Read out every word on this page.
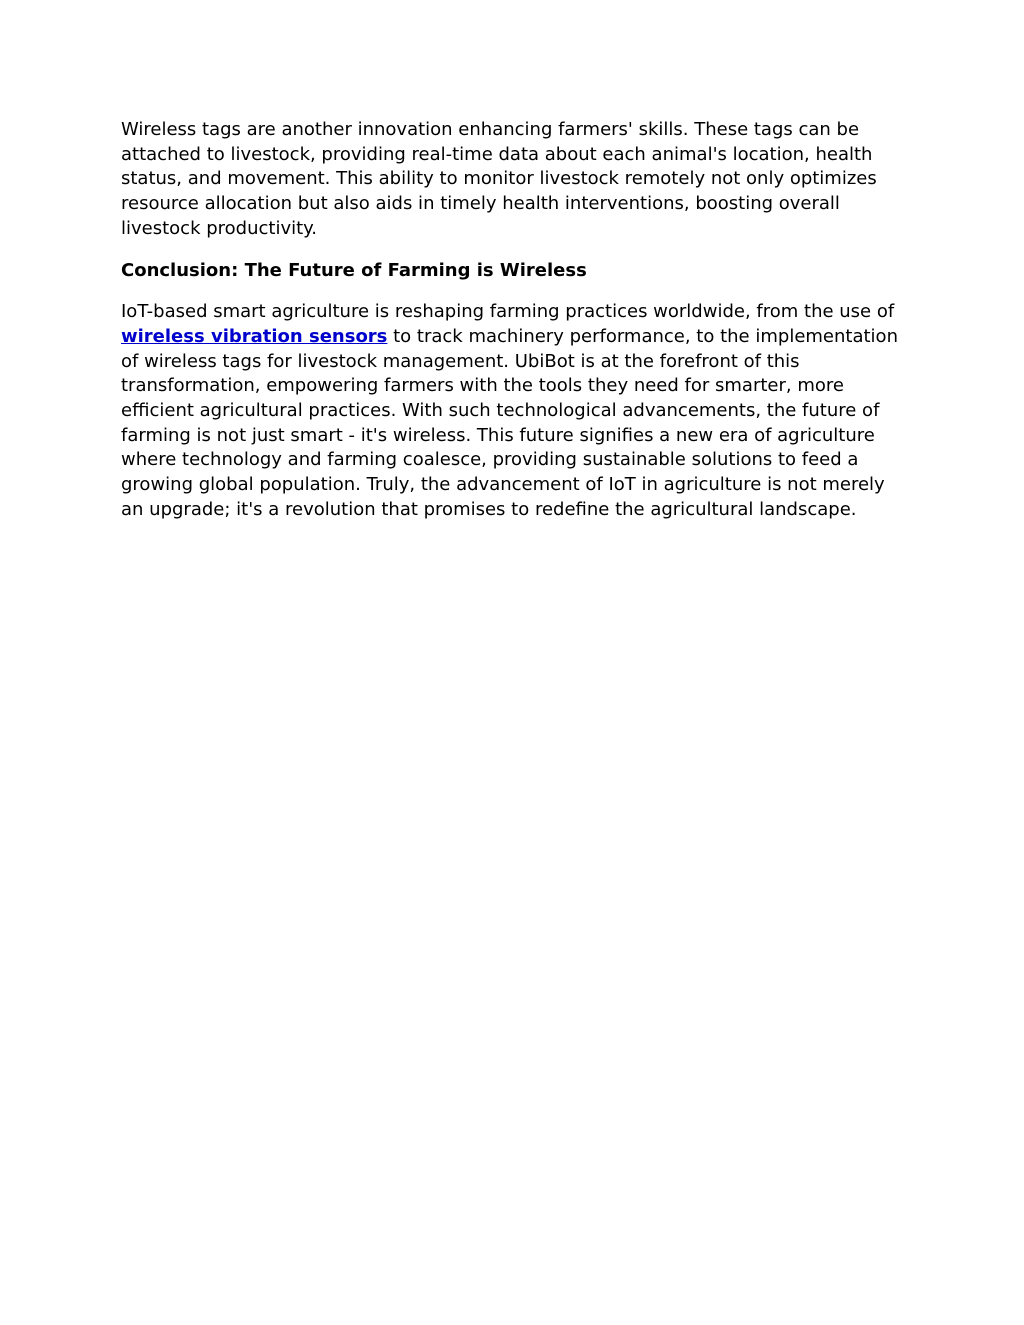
Wireless tags are another innovation enhancing farmers' skills. These tags can be attached to livestock, providing real-time data about each animal's location, health status, and movement. This ability to monitor livestock remotely not only optimizes resource allocation but also aids in timely health interventions, boosting overall livestock productivity.

Conclusion: The Future of Farming is Wireless

IoT-based smart agriculture is reshaping farming practices worldwide, from the use of wireless vibration sensors to track machinery performance, to the implementation of wireless tags for livestock management. UbiBot is at the forefront of this transformation, empowering farmers with the tools they need for smarter, more efficient agricultural practices. With such technological advancements, the future of farming is not just smart - it's wireless. This future signifies a new era of agriculture where technology and farming coalesce, providing sustainable solutions to feed a growing global population. Truly, the advancement of IoT in agriculture is not merely an upgrade; it's a revolution that promises to redefine the agricultural landscape.
